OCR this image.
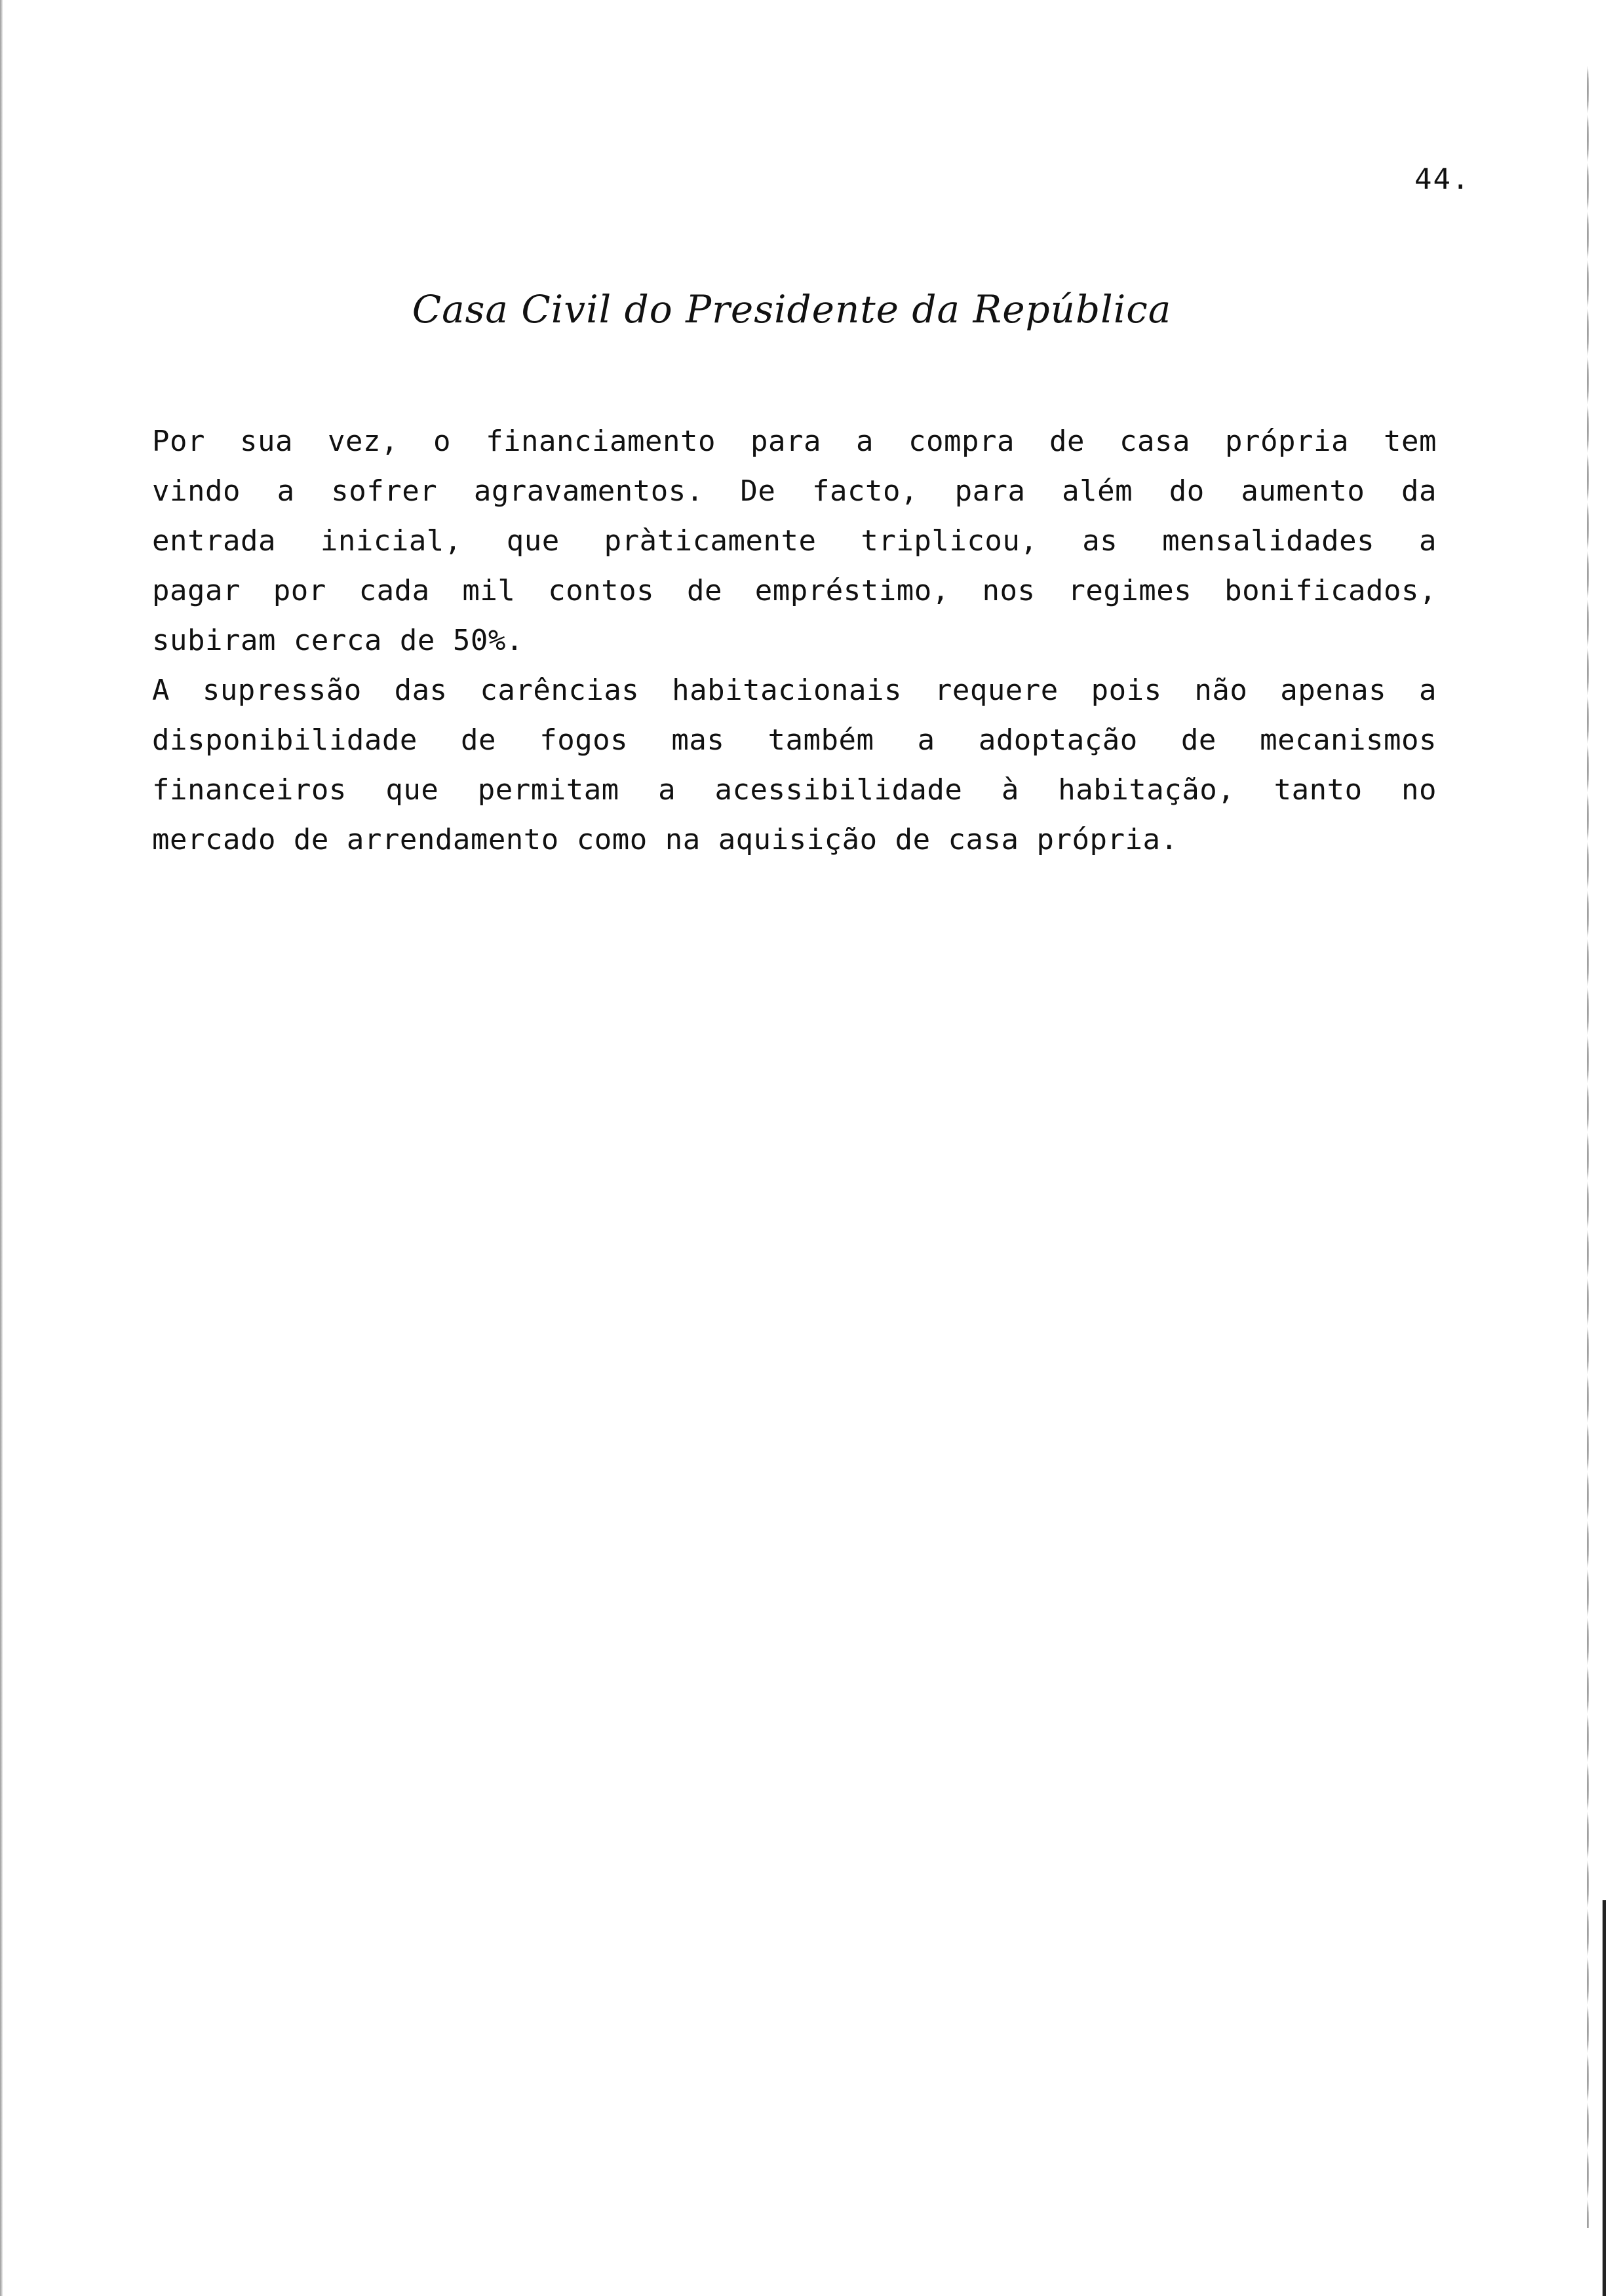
44.
Casa Civil do Presidente da República
Por sua vez, o financiamento para a compra de casa própria tem
vindo a sofrer agravamentos. De facto, para além do aumento da
entrada inicial, que pràticamente triplicou, as mensalidades a
pagar por cada mil contos de empréstimo, nos regimes bonificados,
subiram cerca de 50%.
A supressão das carências habitacionais requere pois não apenas a
disponibilidade de fogos mas também a adoptação de mecanismos
financeiros que permitam a acessibilidade à habitação, tanto no
mercado de arrendamento como na aquisição de casa própria.
